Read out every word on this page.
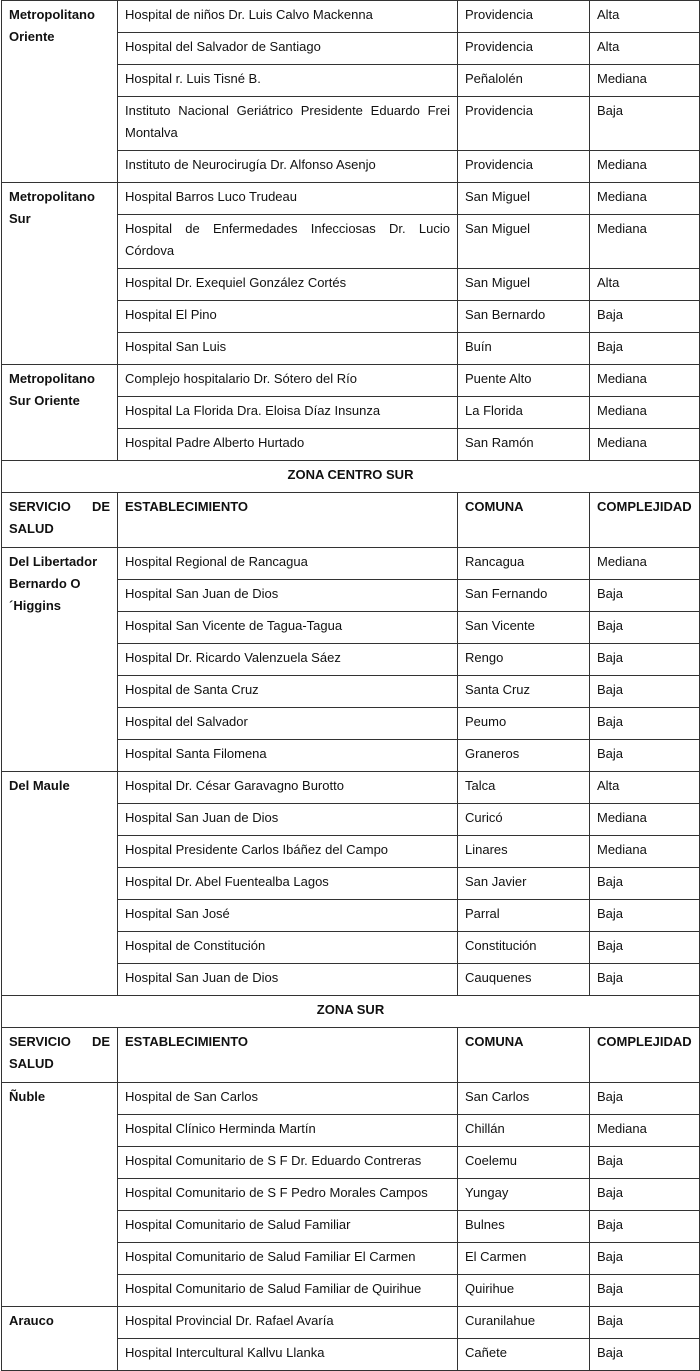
Metropolitano Oriente	Hospital de niños Dr. Luis Calvo Mackenna	Providencia	Alta
	Hospital del Salvador de Santiago	Providencia	Alta
	Hospital r. Luis Tisné B.	Peñalolén	Mediana
	Instituto Nacional Geriátrico Presidente Eduardo Frei Montalva	Providencia	Baja
	Instituto de Neurocirugía Dr. Alfonso Asenjo	Providencia	Mediana
Metropolitano Sur	Hospital Barros Luco Trudeau	San Miguel	Mediana
	Hospital de Enfermedades Infecciosas Dr. Lucio Córdova	San Miguel	Mediana
	Hospital Dr. Exequiel González Cortés	San Miguel	Alta
	Hospital El Pino	San Bernardo	Baja
	Hospital San Luis	Buín	Baja
Metropolitano Sur Oriente	Complejo hospitalario Dr. Sótero del Río	Puente Alto	Mediana
	Hospital La Florida Dra. Eloisa Díaz Insunza	La Florida	Mediana
	Hospital Padre Alberto Hurtado	San Ramón	Mediana
ZONA CENTRO SUR			

SERVICIO DE
SALUD	ESTABLECIMIENTO	COMUNA	COMPLEJIDAD
Del Libertador Bernardo O´Higgins	Hospital Regional de Rancagua	Rancagua	Mediana
	Hospital San Juan de Dios	San Fernando	Baja
	Hospital San Vicente de Tagua-Tagua	San Vicente	Baja
	Hospital Dr. Ricardo Valenzuela Sáez	Rengo	Baja
	Hospital de Santa Cruz	Santa Cruz	Baja
	Hospital del Salvador	Peumo	Baja
	Hospital Santa Filomena	Graneros	Baja
Del Maule	Hospital Dr. César Garavagno Burotto	Talca	Alta
	Hospital San Juan de Dios	Curicó	Mediana
	Hospital Presidente Carlos Ibáñez del Campo	Linares	Mediana
	Hospital Dr. Abel Fuentealba Lagos	San Javier	Baja
	Hospital San José	Parral	Baja
	Hospital de Constitución	Constitución	Baja
	Hospital San Juan de Dios	Cauquenes	Baja
ZONA SUR			

SERVICIO DE
SALUD	ESTABLECIMIENTO	COMUNA	COMPLEJIDAD
Ñuble	Hospital de San Carlos	San Carlos	Baja
	Hospital Clínico Herminda Martín	Chillán	Mediana
	Hospital Comunitario de S F Dr. Eduardo Contreras	Coelemu	Baja
	Hospital Comunitario de S F Pedro Morales Campos	Yungay	Baja
	Hospital Comunitario de Salud Familiar	Bulnes	Baja
	Hospital Comunitario de Salud Familiar El Carmen	El Carmen	Baja
	Hospital Comunitario de Salud Familiar de Quirihue	Quirihue	Baja
Arauco	Hospital Provincial Dr. Rafael Avaría	Curanilahue	Baja
	Hospital Intercultural Kallvu Llanka	Cañete	Baja
